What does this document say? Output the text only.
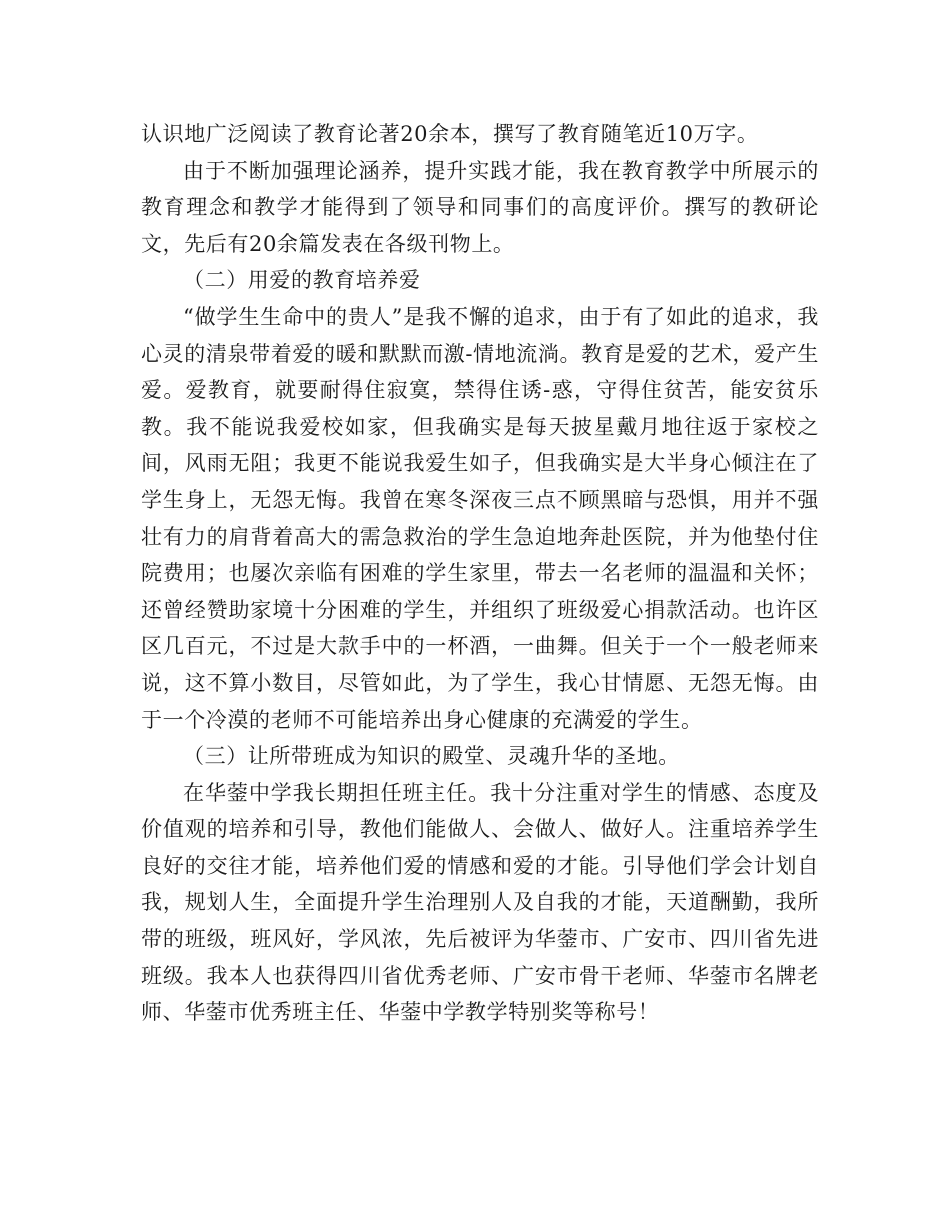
认识地广泛阅读了教育论著20余本，撰写了教育随笔近10万字。

由于不断加强理论涵养，提升实践才能，我在教育教学中所展示的教育理念和教学才能得到了领导和同事们的高度评价。撰写的教研论文，先后有20余篇发表在各级刊物上。

（二）用爱的教育培养爱

“做学生生命中的贵人”是我不懈的追求，由于有了如此的追求，我心灵的清泉带着爱的暖和默默而激-情地流淌。教育是爱的艺术，爱产生爱。爱教育，就要耐得住寂寞，禁得住诱-惑，守得住贫苦，能安贫乐教。我不能说我爱校如家，但我确实是每天披星戴月地往返于家校之间，风雨无阻；我更不能说我爱生如子，但我确实是大半身心倾注在了学生身上，无怨无悔。我曾在寒冬深夜三点不顾黑暗与恐惧，用并不强壮有力的肩背着高大的需急救治的学生急迫地奔赴医院，并为他垫付住院费用；也屡次亲临有困难的学生家里，带去一名老师的温温和关怀；还曾经赞助家境十分困难的学生，并组织了班级爱心捐款活动。也许区区几百元，不过是大款手中的一杯酒，一曲舞。但关于一个一般老师来说，这不算小数目，尽管如此，为了学生，我心甘情愿、无怨无悔。由于一个冷漠的老师不可能培养出身心健康的充满爱的学生。

（三）让所带班成为知识的殿堂、灵魂升华的圣地。

在华蓥中学我长期担任班主任。我十分注重对学生的情感、态度及价值观的培养和引导，教他们能做人、会做人、做好人。注重培养学生良好的交往才能，培养他们爱的情感和爱的才能。引导他们学会计划自我，规划人生，全面提升学生治理别人及自我的才能，天道酬勤，我所带的班级，班风好，学风浓，先后被评为华蓥市、广安市、四川省先进班级。我本人也获得四川省优秀老师、广安市骨干老师、华蓥市名牌老师、华蓥市优秀班主任、华蓥中学教学特别奖等称号！
